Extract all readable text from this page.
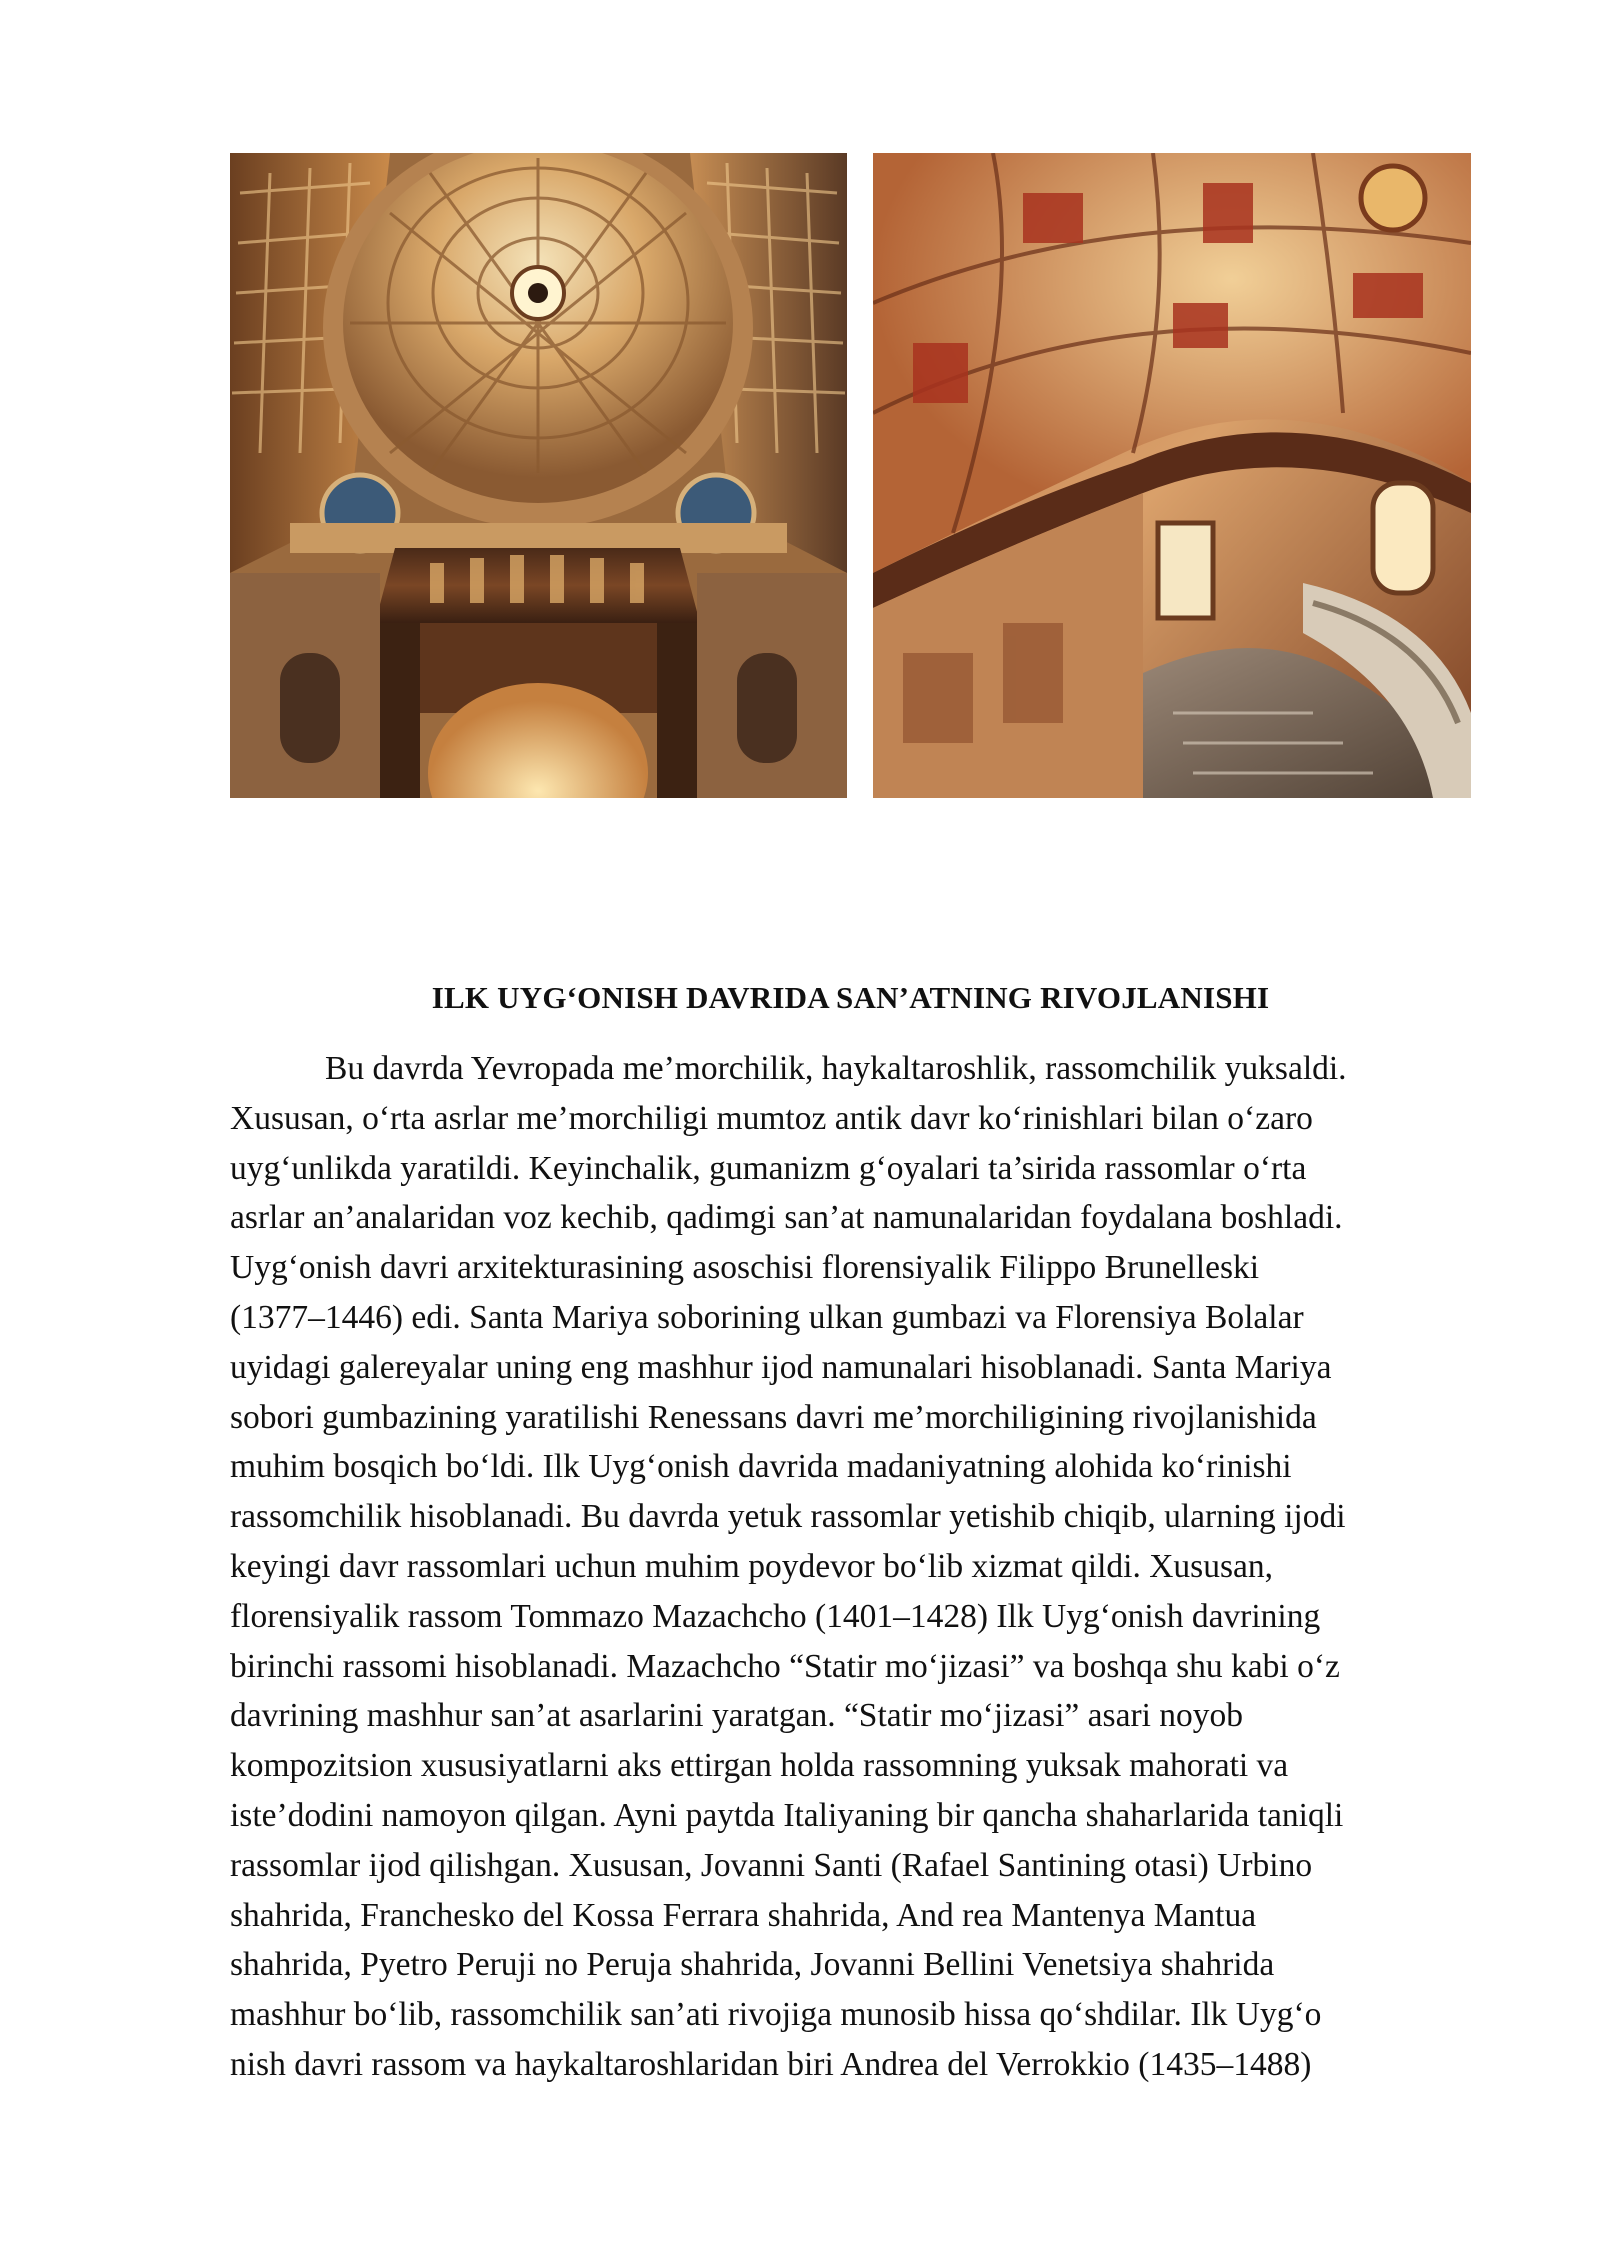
ILK UYG‘ONISH DAVRIDA SAN’ATNING RIVOJLANISHI
Bu davrda Yevropada me’morchilik, haykaltaroshlik, rassomchilik yuksaldi.
Xususan, o‘rta asrlar me’morchiligi mumtoz antik davr ko‘rinishlari bilan o‘zaro
uyg‘unlikda yaratildi. Keyinchalik, gumanizm g‘oyalari ta’sirida rassomlar o‘rta
asrlar an’analaridan voz kechib, qadimgi san’at namunalaridan foydalana boshladi.
Uyg‘onish davri arxitekturasining asoschisi florensiyalik Filippo Brunelleski
(1377–1446) edi. Santa Mariya soborining ulkan gumbazi va Florensiya Bolalar
uyidagi galereyalar uning eng mashhur ijod namunalari hisoblanadi. Santa Mariya
sobori gumbazining yaratilishi Renessans davri me’morchiligining rivojlanishida
muhim bosqich bo‘ldi. Ilk Uyg‘onish davrida madaniyatning alohida ko‘rinishi
rassomchilik hisoblanadi. Bu davrda yetuk rassomlar yetishib chiqib, ularning ijodi
keyingi davr rassomlari uchun muhim poydevor bo‘lib xizmat qildi. Xususan,
florensiyalik rassom Tommazo Mazachcho (1401–1428) Ilk Uyg‘onish davrining
birinchi rassomi hisoblanadi. Mazachcho “Statir mo‘jizasi” va boshqa shu kabi o‘z
davrining mashhur san’at asarlarini yaratgan. “Statir mo‘jizasi” asari noyob
kompozitsion xususiyatlarni aks ettirgan holda rassomning yuksak mahorati va
iste’dodini namoyon qilgan. Ayni paytda Italiyaning bir qancha shaharlarida taniqli
rassomlar ijod qilishgan. Xususan, Jovanni Santi (Rafael Santining otasi) Urbino
shahrida, Franchesko del Kossa Ferrara shahrida, And rea Mantenya Mantua
shahrida, Pyetro Peruji no Peruja shahrida, Jovanni Bellini Venetsiya shahrida
mashhur bo‘lib, rassomchilik san’ati rivojiga munosib hissa qo‘shdilar. Ilk Uyg‘o
nish davri rassom va haykaltaroshlaridan biri Andrea del Verrokkio (1435–1488)
